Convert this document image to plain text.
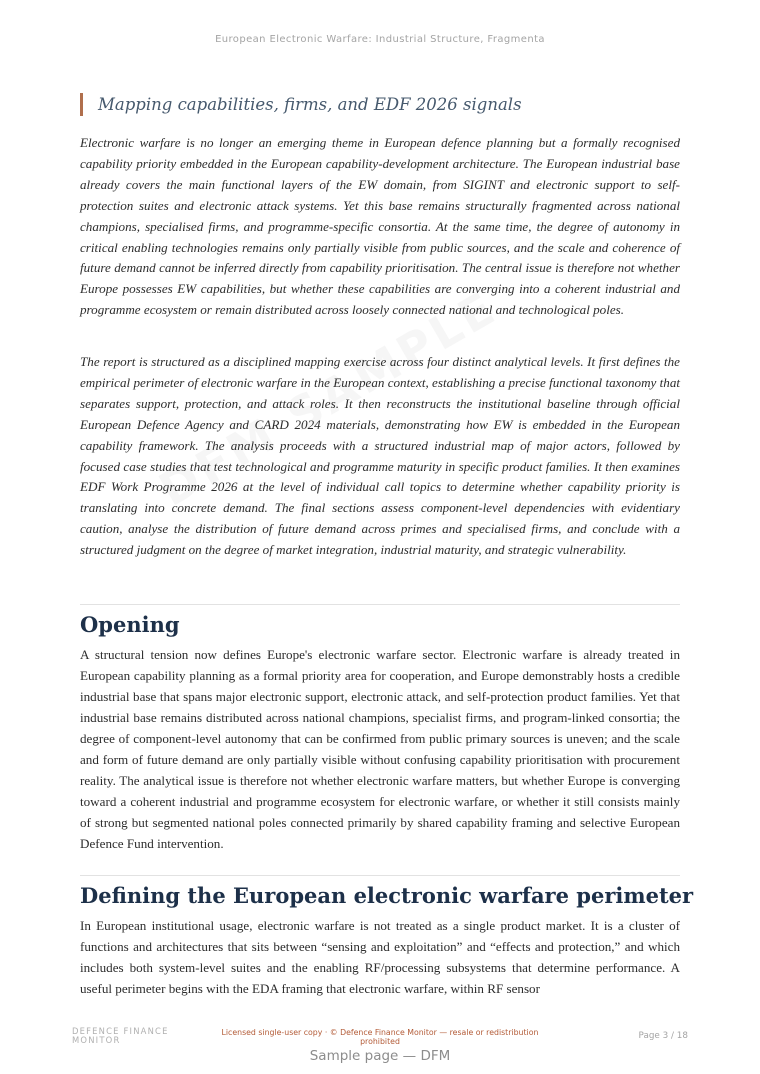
European Electronic Warfare: Industrial Structure, Fragmenta
Mapping capabilities, firms, and EDF 2026 signals
Electronic warfare is no longer an emerging theme in European defence planning but a formally recognised capability priority embedded in the European capability-development architecture. The European industrial base already covers the main functional layers of the EW domain, from SIGINT and electronic support to self-protection suites and electronic attack systems. Yet this base remains structurally fragmented across national champions, specialised firms, and programme-specific consortia. At the same time, the degree of autonomy in critical enabling technologies remains only partially visible from public sources, and the scale and coherence of future demand cannot be inferred directly from capability prioritisation. The central issue is therefore not whether Europe possesses EW capabilities, but whether these capabilities are converging into a coherent industrial and programme ecosystem or remain distributed across loosely connected national and technological poles.
The report is structured as a disciplined mapping exercise across four distinct analytical levels. It first defines the empirical perimeter of electronic warfare in the European context, establishing a precise functional taxonomy that separates support, protection, and attack roles. It then reconstructs the institutional baseline through official European Defence Agency and CARD 2024 materials, demonstrating how EW is embedded in the European capability framework. The analysis proceeds with a structured industrial map of major actors, followed by focused case studies that test technological and programme maturity in specific product families. It then examines EDF Work Programme 2026 at the level of individual call topics to determine whether capability priority is translating into concrete demand. The final sections assess component-level dependencies with evidentiary caution, analyse the distribution of future demand across primes and specialised firms, and conclude with a structured judgment on the degree of market integration, industrial maturity, and strategic vulnerability.
Opening
A structural tension now defines Europe's electronic warfare sector. Electronic warfare is already treated in European capability planning as a formal priority area for cooperation, and Europe demonstrably hosts a credible industrial base that spans major electronic support, electronic attack, and self-protection product families. Yet that industrial base remains distributed across national champions, specialist firms, and program-linked consortia; the degree of component-level autonomy that can be confirmed from public primary sources is uneven; and the scale and form of future demand are only partially visible without confusing capability prioritisation with procurement reality. The analytical issue is therefore not whether electronic warfare matters, but whether Europe is converging toward a coherent industrial and programme ecosystem for electronic warfare, or whether it still consists mainly of strong but segmented national poles connected primarily by shared capability framing and selective European Defence Fund intervention.
Defining the European electronic warfare perimeter
In European institutional usage, electronic warfare is not treated as a single product market. It is a cluster of functions and architectures that sits between “sensing and exploitation” and “effects and protection,” and which includes both system-level suites and the enabling RF/processing subsystems that determine performance. A useful perimeter begins with the EDA framing that electronic warfare, within RF sensor
DEFENCE FINANCE
MONITOR
Licensed single-user copy · © Defence Finance Monitor — resale or redistribution
prohibited
Page 3 / 18
Sample page — DFM
